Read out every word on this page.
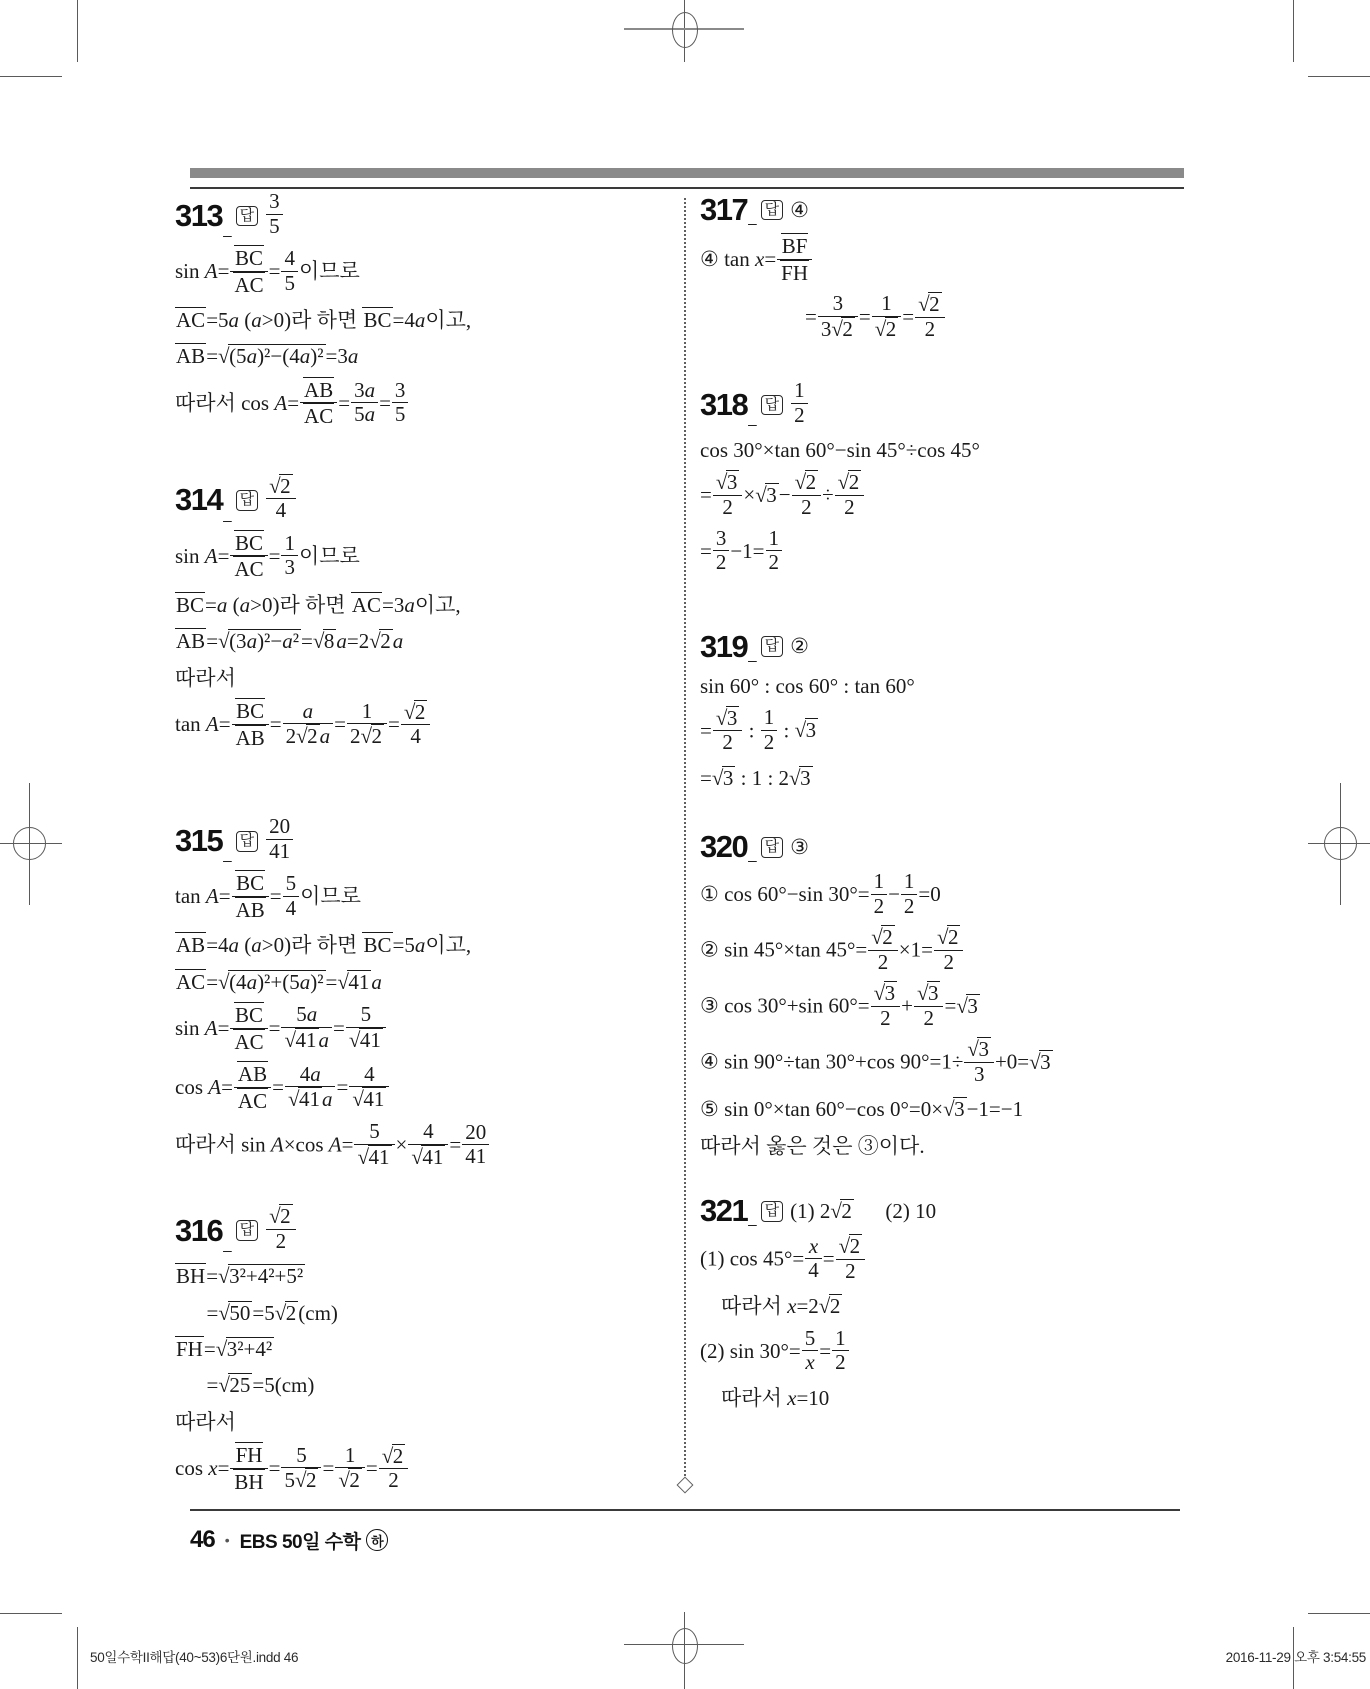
313 _
답 $\frac{3}{5}$
$\sin A= \frac{BC}{AC} = \frac{4}{5}$ 이므로
AC=5a (a>0)라 하면 BC=4a이고,
AB=√(5a)²−(4a)²=3a
따라서 $\cos A= \frac{AB}{AC} = \frac{3a}{5a} = \frac{3}{5}$
314 _
답 $\frac{√2}{4}$
$\sin A= \frac{BC}{AC} = \frac{1}{3}$ 이므로
BC=a (a>0)라 하면 AC=3a이고,
AB=√(3a)²−a²=√8a=2√2a
따라서
$\tan A= \frac{BC}{AB} = \frac{a}{2√2a} = \frac{1}{2√2} = \frac{√2}{4}$
315 _
답 $\frac{20}{41}$
$\tan A= \frac{BC}{AB} = \frac{5}{4}$ 이므로
AB=4a (a>0)라 하면 BC=5a이고,
AC=√(4a)²+(5a)²=√41a
$\sin A= \frac{BC}{AC} = \frac{5a}{√41a} = \frac{5}{√41}$
$\cos A= \frac{AB}{AC} = \frac{4a}{√41a} = \frac{4}{√41}$
따라서 sin A×cos $A= \frac{5}{√41} \times \frac{4}{√41} = \frac{20}{41}$
316 _
답 $\frac{√2}{2}$
BH=√3²+4²+5²
=√50=5√2(cm)
FH=√3²+4²
=√25=5(cm)
따라서
$\cos x= \frac{FH}{BH} = \frac{5}{5√2} = \frac{1}{√2} = \frac{√2}{2}$
317 _ 답 ④
④ $\tan x= \frac{BF}{FH}$
= $\frac{3}{3√2} = \frac{1}{√2} = \frac{√2}{2}$
318 _
답 $\frac{1}{2}$
cos 30°×tan 60°−sin 45°÷cos 45°
= $\frac{√3}{2} \times√3- \frac{√2}{2} \div \frac{√2}{2}$
= $\frac{3}{2} -1= \frac{1}{2}$
319 _ 답 ②
sin 60° : cos 60° : tan 60°
= $\frac{√3}{2}$ : $\frac{1}{2}$ : √3
=√3 : 1 : 2√3
320 _ 답 ③
① cos 60°−sin $30^\circ= \frac{1}{2} - \frac{1}{2} =0$
② sin 45°×tan $45^\circ= \frac{√2}{2} \times 1= \frac{√2}{2}$
③ cos 30°+sin $60^\circ= \frac{√3}{2} + \frac{√3}{2} =√3$
④ sin 90°÷tan 30°+cos $90^\circ=1\div \frac{√3}{3} +0=√3$
⑤ sin 0°×tan 60°−cos 0°=0×√3−1=−1
따라서 옳은 것은 ③이다.
321 _ 답 (1) 2√2      (2) 10
(1) $\cos 45^\circ= \frac{x}{4} = \frac{√2}{2}$
따라서 x=2√2
(2) $\sin 30^\circ= \frac{5}{x} = \frac{1}{2}$
따라서 x=10
46 • EBS 50일 수학 하
50일수학II해답(40~53)6단원.indd 46	2016-11-29 오후 3:54:55
